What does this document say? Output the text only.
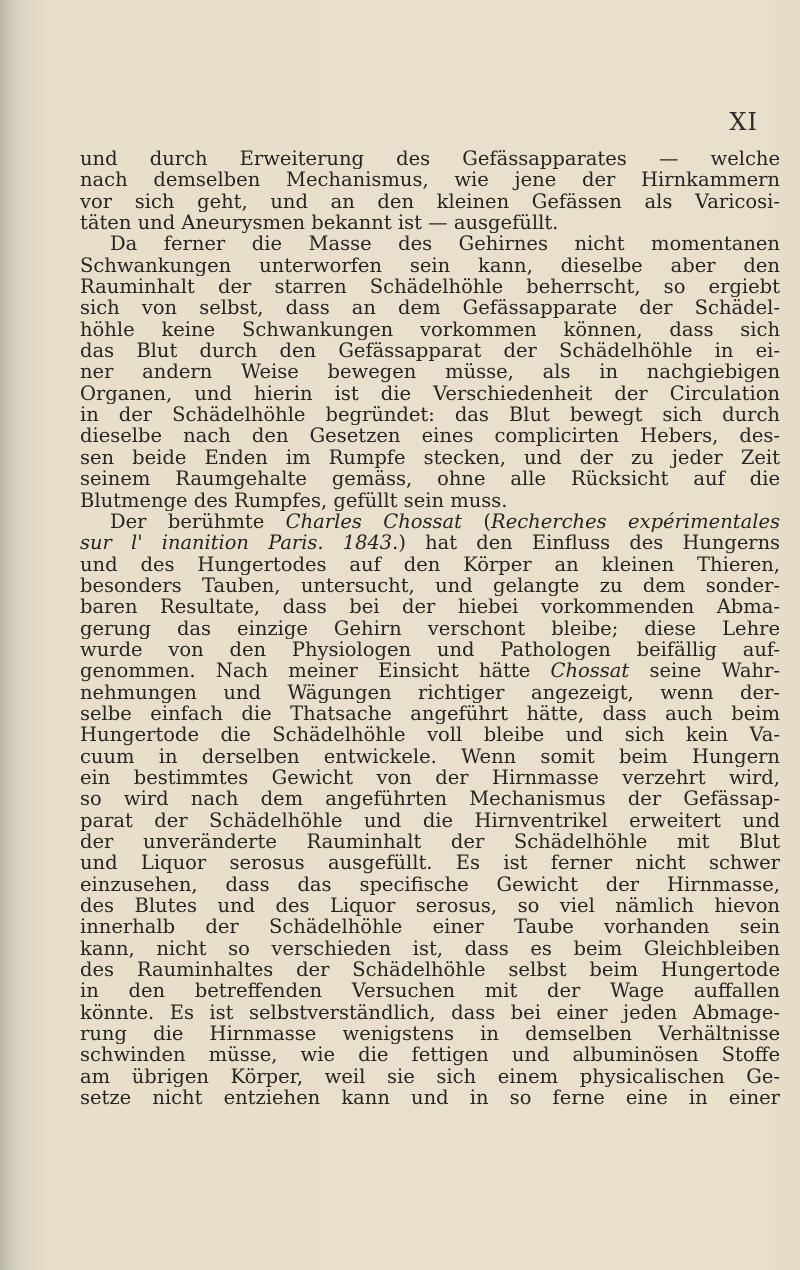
XI
und durch Erweiterung des Gefässapparates — welche
nach demselben Mechanismus, wie jene der Hirnkammern
vor sich geht, und an den kleinen Gefässen als Varicosi-
täten und Aneurysmen bekannt ist — ausgefüllt.
Da ferner die Masse des Gehirnes nicht momentanen
Schwankungen unterworfen sein kann, dieselbe aber den
Rauminhalt der starren Schädelhöhle beherrscht, so ergiebt
sich von selbst, dass an dem Gefässapparate der Schädel-
höhle keine Schwankungen vorkommen können, dass sich
das Blut durch den Gefässapparat der Schädelhöhle in ei-
ner andern Weise bewegen müsse, als in nachgiebigen
Organen, und hierin ist die Verschiedenheit der Circulation
in der Schädelhöhle begründet: das Blut bewegt sich durch
dieselbe nach den Gesetzen eines complicirten Hebers, des-
sen beide Enden im Rumpfe stecken, und der zu jeder Zeit
seinem Raumgehalte gemäss, ohne alle Rücksicht auf die
Blutmenge des Rumpfes, gefüllt sein muss.
Der berühmte Charles Chossat (Recherches expérimentales
sur l' inanition Paris. 1843.) hat den Einfluss des Hungerns
und des Hungertodes auf den Körper an kleinen Thieren,
besonders Tauben, untersucht, und gelangte zu dem sonder-
baren Resultate, dass bei der hiebei vorkommenden Abma-
gerung das einzige Gehirn verschont bleibe; diese Lehre
wurde von den Physiologen und Pathologen beifällig auf-
genommen. Nach meiner Einsicht hätte Chossat seine Wahr-
nehmungen und Wägungen richtiger angezeigt, wenn der-
selbe einfach die Thatsache angeführt hätte, dass auch beim
Hungertode die Schädelhöhle voll bleibe und sich kein Va-
cuum in derselben entwickele. Wenn somit beim Hungern
ein bestimmtes Gewicht von der Hirnmasse verzehrt wird,
so wird nach dem angeführten Mechanismus der Gefässap-
parat der Schädelhöhle und die Hirnventrikel erweitert und
der unveränderte Rauminhalt der Schädelhöhle mit Blut
und Liquor serosus ausgefüllt. Es ist ferner nicht schwer
einzusehen, dass das specifische Gewicht der Hirnmasse,
des Blutes und des Liquor serosus, so viel nämlich hievon
innerhalb der Schädelhöhle einer Taube vorhanden sein
kann, nicht so verschieden ist, dass es beim Gleichbleiben
des Rauminhaltes der Schädelhöhle selbst beim Hungertode
in den betreffenden Versuchen mit der Wage auffallen
könnte. Es ist selbstverständlich, dass bei einer jeden Abmage-
rung die Hirnmasse wenigstens in demselben Verhältnisse
schwinden müsse, wie die fettigen und albuminösen Stoffe
am übrigen Körper, weil sie sich einem physicalischen Ge-
setze nicht entziehen kann und in so ferne eine in einer
